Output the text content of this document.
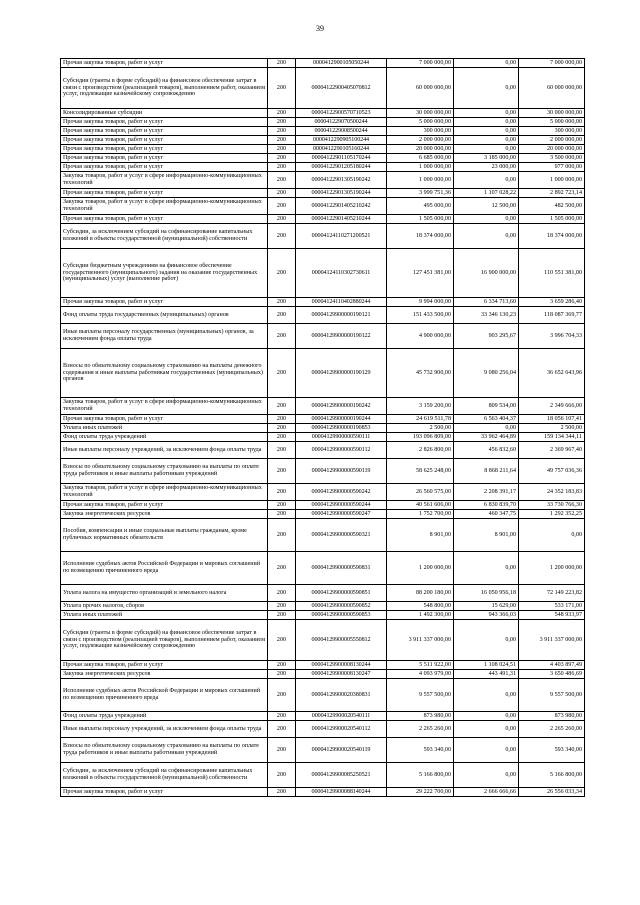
39
Прочая закупка товаров, работ и услуг	200	000041290010505024​4	7 000 000,00	0,00	7 000 000,00
Субсидии (гранты в форме субсидий) на финансовое обеспечение затрат в связи с производством (реализацией товаров), выполнением работ, оказанием услуг, подлежащие казначейскому сопровождению	200	000041229004050708​12	60 000 000,00	0,00	60 000 000,00
Консолидированные субсидии	200	00004122900570710523	30 000 000,00	0,00	30 000 000,00
Прочая закупка товаров, работ и услуг	200	00004122907050​0244	5 000 000,00	0,00	5 000 000,00
Прочая закупка товаров, работ и услуг	200	00004122900850​0244	300 000,00	0,00	300 000,00
Прочая закупка товаров, работ и услуг	200	00004122909051​00244	2 000 000,00	0,00	2 000 000,00
Прочая закупка товаров, работ и услуг	200	00004122901051​60244	20 000 000,00	0,00	20 000 000,00
Прочая закупка товаров, работ и услуг	200	00004122901105170244	6 685 000,00	3 185 000,00	3 500 000,00
Прочая закупка товаров, работ и услуг	200	00004122901205180244	1 000 000,00	23 000,00	977 000,00
Закупка товаров, работ и услуг в сфере информационно-коммуникационных технологий	200	00004122901305190242	1 000 000,00	0,00	1 000 000,00
Прочая закупка товаров, работ и услуг	200	00004122901305190244	3 999 751,36	1 107 028,22	2 892 723,14
Закупка товаров, работ и услуг в сфере информационно-коммуникационных технологий	200	00004122901405210242	495 000,00	12 500,00	482 500,00
Прочая закупка товаров, работ и услуг	200	00004122901405210244	1 505 000,00	0,00	1 505 000,00
Субсидии, за исключением субсидий на софинансирование капитальных вложений в объекты государственной (муниципальной) собственности	200	00004124110271200521	18 374 000,00	0,00	18 374 000,00
Субсидии бюджетным учреждениям на финансовое обеспечение государственного (муниципального) задания на оказание государственных (муниципальных) услуг (выполнение работ)	200	00004124110302730611	127 451 381,00	16 900 000,00	110 551 381,00
Прочая закупка товаров, работ и услуг	200	00004124110402880244	9 994 000,00	6 334 713,60	3 659 286,40
Фонд оплаты труда государственных (муниципальных) органов	200	00004129900000190121	151 433 500,00	33 346 130,23	118 087 369,77
Иные выплаты персоналу государственных (муниципальных) органов, за исключением фонда оплаты труда	200	00004129900000190122	4 900 000,00	903 295,67	3 996 704,33
Взносы по обязательному социальному страхованию на выплаты денежного содержания и иные выплаты работникам государственных (муниципальных) органов	200	00004129900000190129	45 732 900,00	9 080 256,04	36 652 643,96
Закупка товаров, работ и услуг в сфере информационно-коммуникационных технологий	200	00004129900000190242	3 159 200,00	809 534,00	2 349 666,00
Прочая закупка товаров, работ и услуг	200	00004129900000190244	24 619 511,78	6 563 404,37	18 056 107,41
Уплата иных платежей	200	00004129900000190853	2 500,00	0,00	2 500,00
Фонд оплаты труда учреждений	200	00004129900000590111	193 096 809,00	33 962 464,89	159 134 344,11
Иные выплаты персоналу учреждений, за исключением фонда оплаты труда	200	00004129900000590112	2 826 800,00	456 832,60	2 369 967,40
Взносы по обязательному социальному страхованию на выплаты по оплате труда работников и иные выплаты работникам учреждений	200	00004129900000590119	58 625 248,00	8 868 211,64	49 757 036,36
Закупка товаров, работ и услуг в сфере информационно-коммуникационных технологий	200	00004129900000590242	26 560 575,00	2 208 391,17	24 352 183,83
Прочая закупка товаров, работ и услуг	200	00004129900000590244	40 561 606,00	6 830 839,70	33 730 766,30
Закупка энергетических ресурсов	200	00004129900000590247	1 752 700,00	460 347,75	1 292 352,25
Пособия, компенсации и иные социальные выплаты гражданам, кроме публичных нормативных обязательств	200	00004129900000590321	8 901,00	8 901,00	0,00
Исполнение судебных актов Российской Федерации и мировых соглашений по возмещению причиненного вреда	200	00004129900000590831	1 200 000,00	0,00	1 200 000,00
Уплата налога на имущество организаций и земельного налога	200	00004129900000590851	88 200 180,00	16 050 956,18	72 149 223,82
Уплата прочих налогов, сборов	200	00004129900000590852	548 800,00	15 629,00	533 171,00
Уплата иных платежей	200	00004129900000590853	1 492 300,00	943 366,03	548 933,97
Субсидии (гранты в форме субсидий) на финансовое обеспечение затрат в связи с производством (реализацией товаров), выполнением работ, оказанием услуг, подлежащие казначейскому сопровождению	200	00004129900005550812	3 911 337 000,00	0,00	3 911 337 000,00
Прочая закупка товаров, работ и услуг	200	00004129900008130244	5 511 922,00	1 108 024,51	4 403 897,49
Закупка энергетических ресурсов	200	00004129900008130247	4 093 979,00	443 491,31	3 650 486,69
Исполнение судебных актов Российской Федерации и мировых соглашений по возмещению причиненного вреда	200	00004129900020380831	9 557 500,00	0,00	9 557 500,00
Фонд оплаты труда учреждений	200	00004129900020540111	873 980,00	0,00	873 980,00
Иные выплаты персоналу учреждений, за исключением фонда оплаты труда	200	00004129900020540112	2 265 260,00	0,00	2 265 260,00
Взносы по обязательному социальному страхованию на выплаты по оплате труда работников и иные выплаты работникам учреждений	200	00004129900020540119	593 340,00	0,00	593 340,00
Субсидии, за исключением субсидий на софинансирование капитальных вложений в объекты государственной (муниципальной) собственности	200	00004129900085250521	5 166 800,00	0,00	5 166 800,00
Прочая закупка товаров, работ и услуг	200	00004129900088140244	29 222 700,00	2 666 666,66	26 556 033,34
